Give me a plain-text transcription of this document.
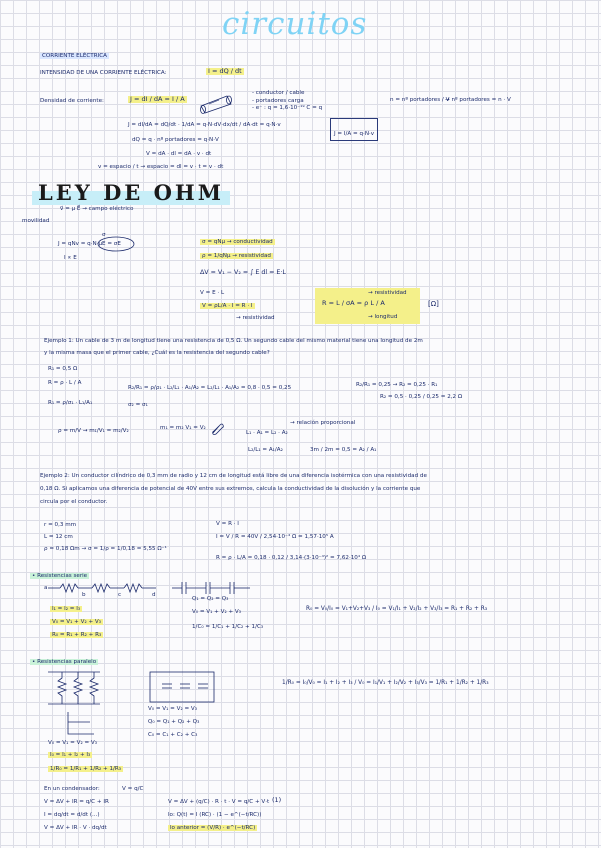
circuitos
CORRIENTE ELÉCTRICA
INTENSIDAD DE UNA CORRIENTE ELÉCTRICA:	I = dQ / dt
Densidad de corriente:	J = dI / dA = I / A
- conductor / cable
- portadores carga
- e⁻ : q = 1,6·10⁻¹⁹ C = q
n = nº portadores / V
→ nº portadores = n · V
J = dI/dA = dQ/dt · 1/dA = q·N·dV·dx/dt / dA·dt = q·N·v
J = I/A = q·N·v
dQ = q · nº portadores = q·N·V
V = dA · dl = dA · v · dt
v = espacio / t → espacio = dl = v · t = v · dt
LEY DE OHM
v⃗ = μ E⃗ → campo eléctrico
movilidad
σ
J = qNv = q·N·μE = σE
I ∝ E
σ = qNμ → conductividad
ρ = 1/qNμ → resistividad
ΔV = V₁ − V₂ = ∫ E dl = E·L
V = E · L
V = ρL/A · I = R · I
→ resistividad
R = L / σA = ρ L / A
→ resistividad
→ longitud
[Ω]
Ejemplo 1: Un cable de 3 m de longitud tiene una resistencia de 0,5 Ω. Un segundo cable del mismo material tiene una longitud de 2m
y la misma masa que el primer cable, ¿Cuál es la resistencia del segundo cable?
R₁ = 0,5 Ω
R = ρ · L / A
R₁ = ρ/σ₁ · L₁/A₁
R₂/R₁ = ρ/ρ₁ · L₂/L₁ · A₁/A₂ = L₂/L₁ · A₁/A₂ = 0,8 · 0,5 = 0,25
σ₂ = σ₁
R₂/R₁ = 0,25 → R₂ = 0,25 · R₁
R₂ = 0,5 · 0,25 / 0,25 = 2,2 Ω
ρ = m/V → m₁/V₁ = m₂/V₂	m₁ = m₂ V₁ = V₂
L₁ · A₁ = L₂ · A₂
→ relación proporcional
L₂/L₁ = A₁/A₂	3m / 2m = 0,5 = A₂ / A₁
Ejemplo 2: Un conductor cilíndrico de 0,3 mm de radio y 12 cm de longitud está libre de una diferencia isotérmica con una resistividad de
0,18 Ω. Si aplicamos una diferencia de potencial de 40V entre sus extremos, calcula la conductividad de la disolución y la corriente que
circula por el conductor.
r = 0,3 mm
L = 12 cm
ρ = 0,18 Ωm → σ = 1/ρ = 1/0,18 = 5,55 Ω⁻¹
V = R · I
I = V / R = 40V / 2,54·10⁻⁴ Ω = 1,57·10⁵ A
R = ρ · L/A = 0,18 · 0,12 / 3,14·(3·10⁻⁴)² = 7,62·10⁴ Ω
• Resistencias serie
a
b	c	d
I₁ = I₂ = I₃
V₀ = V₁ + V₂ + V₃
R₀ = R₁ + R₂ + R₃
Q₁ = Q₂ = Q₃
V₀ = V₁ + V₂ + V₃
1/C₀ = 1/C₁ + 1/C₂ + 1/C₃
R₀ = V₀/I₀ = V₁+V₂+V₃ / I₀ = V₁/I₁ + V₂/I₂ + V₃/I₃ = R₁ + R₂ + R₃
• Resistencias paralelo
V₀ = V₁ = V₂ = V₃
Q₀ = Q₁ + Q₂ + Q₃
C₀ = C₁ + C₂ + C₃
V₀ = V₁ = V₂ = V₃
I₀ = I₁ + I₂ + I₃
1/R₀ = 1/R₁ + 1/R₂ + 1/R₃
1/R₀ = I₀/V₀ = I₁ + I₂ + I₃ / V₀ = I₁/V₁ + I₂/V₂ + I₃/V₃ = 1/R₁ + 1/R₂ + 1/R₃
En un condensador:	V = q/C
V = ΔV + IR = q/C + IR
I = dq/dt = d/dt (...)
V = ΔV + (q/C) · R · t · V = q/C + V·t
lo: Q(t) = I (RC) · (1 − e^(−t/RC))
V = ΔV + IR · V · dq/dt	lo anterior = (V/R) · e^(−t/RC)
(1)
